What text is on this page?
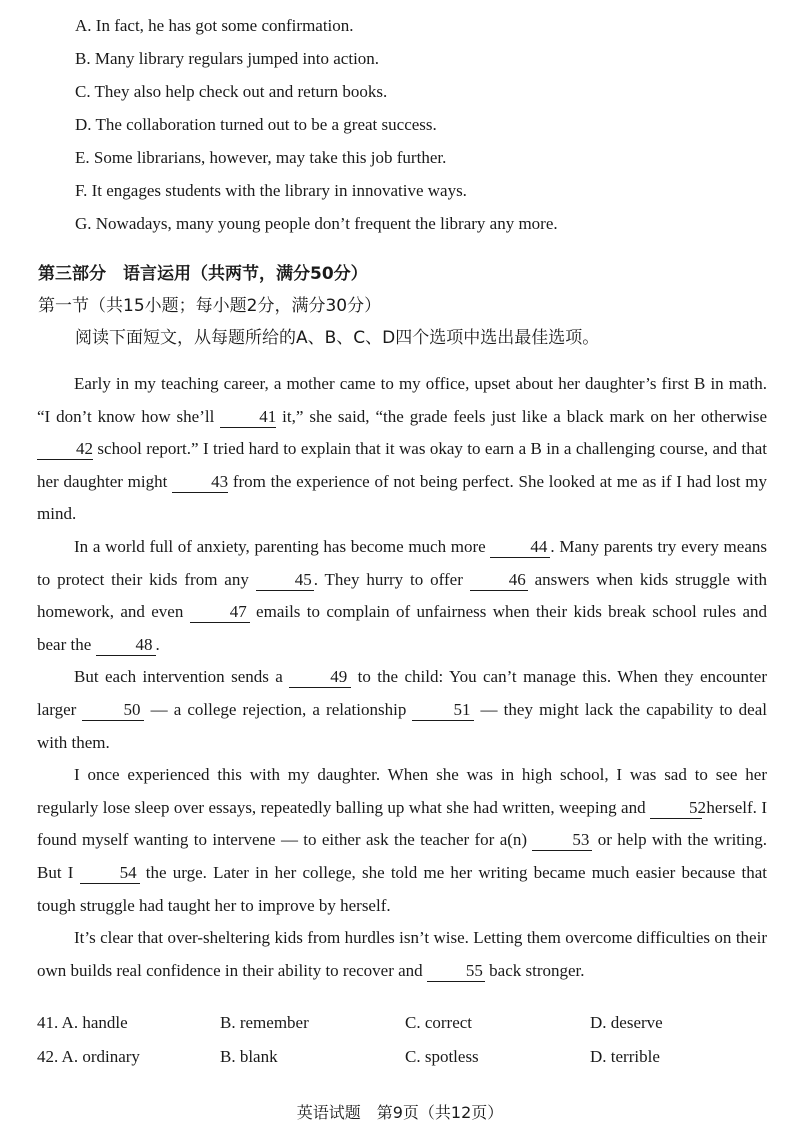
A. In fact, he has got some confirmation.
B. Many library regulars jumped into action.
C. They also help check out and return books.
D. The collaboration turned out to be a great success.
E. Some librarians, however, may take this job further.
F. It engages students with the library in innovative ways.
G. Nowadays, many young people don’t frequent the library any more.
第三部分　语言运用（共两节，满分50分）
第一节（共15小题；每小题2分，满分30分）
阅读下面短文，从每题所给的A、B、C、D四个选项中选出最佳选项。

Early in my teaching career, a mother came to my office, upset about her daughter’s first B in math. “I don’t know how she’ll 41 it,” she said, “the grade feels just like a black mark on her otherwise 42 school report.” I tried hard to explain that it was okay to earn a B in a challenging course, and that her daughter might 43 from the experience of not being perfect. She looked at me as if I had lost my mind.

In a world full of anxiety, parenting has become much more 44 . Many parents try every means to protect their kids from any 45 . They hurry to offer 46 answers when kids struggle with homework, and even 47 emails to complain of unfairness when their kids break school rules and bear the 48 .

But each intervention sends a 49 to the child: You can’t manage this. When they encounter larger 50 — a college rejection, a relationship 51 — they might lack the capability to deal with them.

I once experienced this with my daughter. When she was in high school, I was sad to see her regularly lose sleep over essays, repeatedly balling up what she had written, weeping and 52 herself. I found myself wanting to intervene — to either ask the teacher for a(n) 53 or help with the writing. But I 54 the urge. Later in her college, she told me her writing became much easier because that tough struggle had taught her to improve by herself.

It’s clear that over-sheltering kids from hurdles isn’t wise. Letting them overcome difficulties on their own builds real confidence in their ability to recover and 55 back stronger.

41. A. handle	B. remember	C. correct	D. deserve
42. A. ordinary	B. blank	C. spotless	D. terrible
英语试题　第9页（共12页）
